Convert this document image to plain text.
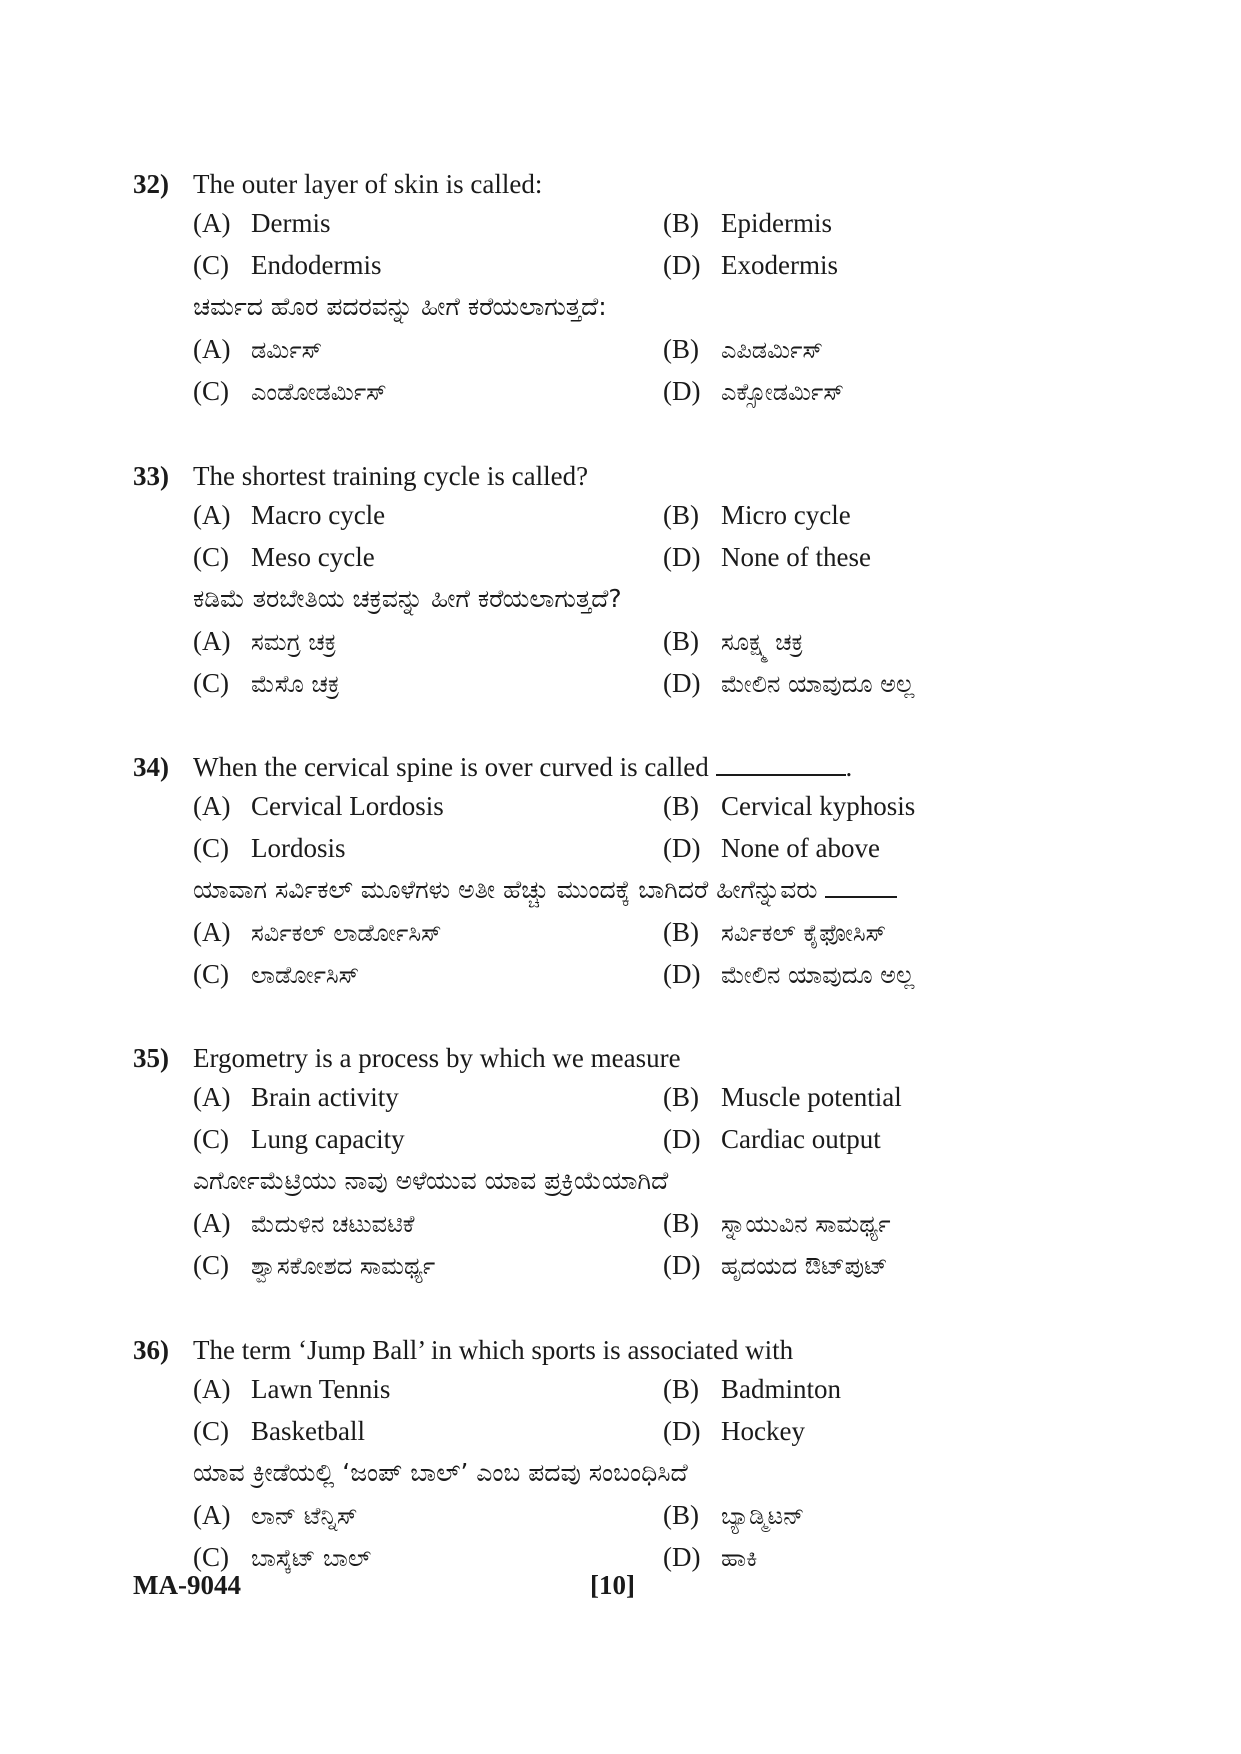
32) The outer layer of skin is called:
(A) Dermis	(B) Epidermis
(C) Endodermis	(D) Exodermis
ಚರ್ಮದ ಹೊರ ಪದರವನ್ನು ಹೀಗೆ ಕರೆಯಲಾಗುತ್ತದೆ:
(A) ಡರ್ಮಿಸ್	(B) ಎಪಿಡರ್ಮಿಸ್
(C) ಎಂಡೋಡರ್ಮಿಸ್	(D) ಎಕ್ಸೋಡರ್ಮಿಸ್
33) The shortest training cycle is called?
(A) Macro cycle	(B) Micro cycle
(C) Meso cycle	(D) None of these
ಕಡಿಮೆ ತರಬೇತಿಯ ಚಕ್ರವನ್ನು ಹೀಗೆ ಕರೆಯಲಾಗುತ್ತದೆ?
(A) ಸಮಗ್ರ ಚಕ್ರ	(B) ಸೂಕ್ಷ್ಮ ಚಕ್ರ
(C) ಮೆಸೊ ಚಕ್ರ	(D) ಮೇಲಿನ ಯಾವುದೂ ಅಲ್ಲ
34) When the cervical spine is over curved is called	.
(A) Cervical Lordosis	(B) Cervical kyphosis
(C) Lordosis	(D) None of above
ಯಾವಾಗ ಸರ್ವಿಕಲ್ ಮೂಳೆಗಳು ಅತೀ ಹೆಚ್ಚು ಮುಂದಕ್ಕೆ ಬಾಗಿದರೆ ಹೀಗೆನ್ನುವರು
(A) ಸರ್ವಿಕಲ್ ಲಾರ್ಡೋಸಿಸ್	(B) ಸರ್ವಿಕಲ್ ಕೈಫೋಸಿಸ್
(C) ಲಾರ್ಡೋಸಿಸ್	(D) ಮೇಲಿನ ಯಾವುದೂ ಅಲ್ಲ
35) Ergometry is a process by which we measure
(A) Brain activity	(B) Muscle potential
(C) Lung capacity	(D) Cardiac output
ಎರ್ಗೋಮೆಟ್ರಿಯು ನಾವು ಅಳೆಯುವ ಯಾವ ಪ್ರಕ್ರಿಯೆಯಾಗಿದೆ
(A) ಮೆದುಳಿನ ಚಟುವಟಿಕೆ	(B) ಸ್ನಾಯುವಿನ ಸಾಮರ್ಥ್ಯ
(C) ಶ್ವಾಸಕೋಶದ ಸಾಮರ್ಥ್ಯ	(D) ಹೃದಯದ ಔಟ್‌ಪುಟ್
36) The term ‘Jump Ball’ in which sports is associated with
(A) Lawn Tennis	(B) Badminton
(C) Basketball	(D) Hockey
ಯಾವ ಕ್ರೀಡೆಯಲ್ಲಿ ‘ಜಂಪ್ ಬಾಲ್’ ಎಂಬ ಪದವು ಸಂಬಂಧಿಸಿದೆ
(A) ಲಾನ್ ಟೆನ್ನಿಸ್	(B) ಬ್ಯಾಡ್ಮಿಟನ್
(C) ಬಾಸ್ಕೆಟ್ ಬಾಲ್	(D) ಹಾಕಿ
MA-9044	[10]
